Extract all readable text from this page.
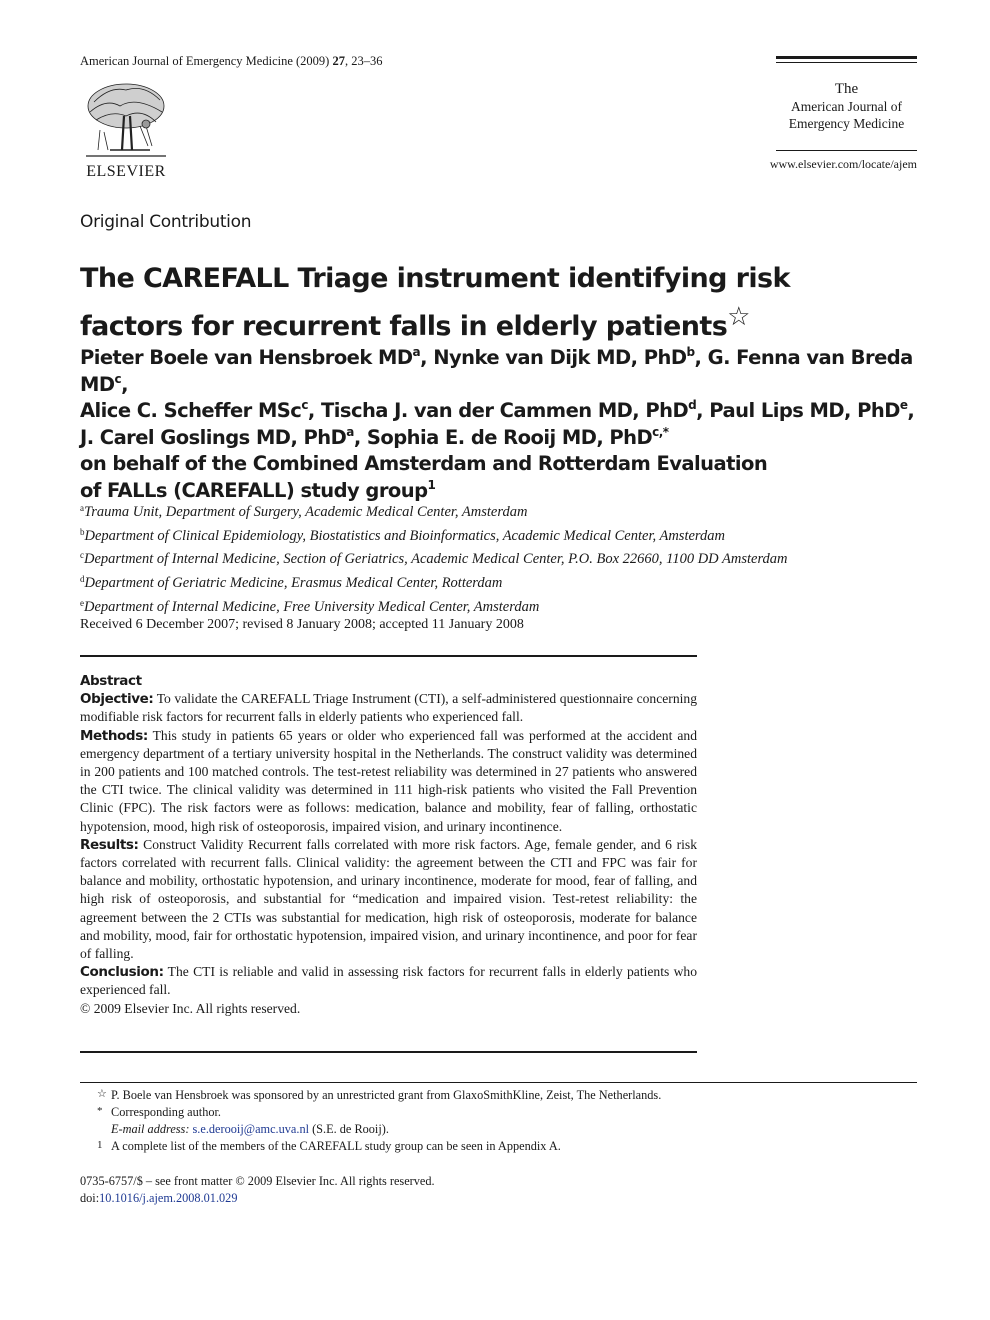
American Journal of Emergency Medicine (2009) 27, 23–36
ELSEVIER
The
American Journal of
Emergency Medicine
www.elsevier.com/locate/ajem
Original Contribution
The CAREFALL Triage instrument identifying risk
factors for recurrent falls in elderly patients☆
Pieter Boele van Hensbroek $MD^a$, Nynke van Dijk MD, PhD$^b$, G. Fenna van Breda $MD^c$,
Alice C. Scheffer MSc$^c$, Tischa J. van der Cammen MD, PhD$^d$, Paul Lips MD, PhD$^e$,
J. Carel Goslings MD, PhD$^a$, Sophia E. de Rooij MD, PhD$^{c,*}$
on behalf of the Combined Amsterdam and Rotterdam Evaluation
of FALLs (CAREFALL) study group$^1$
$^a$Trauma Unit, Department of Surgery, Academic Medical Center, Amsterdam
$^b$Department of Clinical Epidemiology, Biostatistics and Bioinformatics, Academic Medical Center, Amsterdam
$^c$Department of Internal Medicine, Section of Geriatrics, Academic Medical Center, P.O. Box 22660, 1100 DD Amsterdam
$^d$Department of Geriatric Medicine, Erasmus Medical Center, Rotterdam
$^e$Department of Internal Medicine, Free University Medical Center, Amsterdam
Received 6 December 2007; revised 8 January 2008; accepted 11 January 2008

Abstract

Objective: To validate the CAREFALL Triage Instrument (CTI), a self-administered questionnaire concerning modifiable risk factors for recurrent falls in elderly patients who experienced fall.

Methods: This study in patients 65 years or older who experienced fall was performed at the accident and emergency department of a tertiary university hospital in the Netherlands. The construct validity was determined in 200 patients and 100 matched controls. The test-retest reliability was determined in 27 patients who answered the CTI twice. The clinical validity was determined in 111 high-risk patients who visited the Fall Prevention Clinic (FPC). The risk factors were as follows: medication, balance and mobility, fear of falling, orthostatic hypotension, mood, high risk of osteoporosis, impaired vision, and urinary incontinence.

Results: Construct Validity Recurrent falls correlated with more risk factors. Age, female gender, and 6 risk factors correlated with recurrent falls. Clinical validity: the agreement between the CTI and FPC was fair for balance and mobility, orthostatic hypotension, and urinary incontinence, moderate for mood, fear of falling, and high risk of osteoporosis, and substantial for “medication and impaired vision. Test-retest reliability: the agreement between the 2 CTIs was substantial for medication, high risk of osteoporosis, moderate for balance and mobility, mood, fair for orthostatic hypotension, impaired vision, and urinary incontinence, and poor for fear of falling.

Conclusion: The CTI is reliable and valid in assessing risk factors for recurrent falls in elderly patients who experienced fall.

© 2009 Elsevier Inc. All rights reserved.

☆ P. Boele van Hensbroek was sponsored by an unrestricted grant from GlaxoSmithKline, Zeist, The Netherlands.
* Corresponding author.
E-mail address: s.e.derooij@amc.uva.nl (S.E. de Rooij).
1 A complete list of the members of the CAREFALL study group can be seen in Appendix A.
0735-6757/$ – see front matter © 2009 Elsevier Inc. All rights reserved.
doi:10.1016/j.ajem.2008.01.029
